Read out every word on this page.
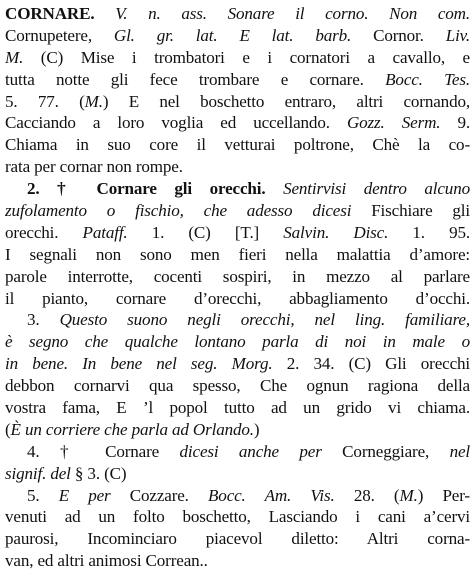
CORNARE. V. n. ass. Sonare il corno. Non com.
Cornupetere, Gl. gr. lat. E lat. barb. Cornor. Liv.
M. (C) Mise i trombatori e i cornatori a cavallo, e
tutta notte gli fece trombare e cornare. Bocc. Tes.
5. 77. (M.) E nel boschetto entraro, altri cornando,
Cacciando a loro voglia ed uccellando. Gozz. Serm. 9.
Chiama in suo core il vetturai poltrone, Chè la co-
rata per cornar non rompe.
2. † Cornare gli orecchi. Sentirvisi dentro alcuno
zufolamento o fischio, che adesso dicesi Fischiare gli
orecchi. Pataff. 1. (C) [T.] Salvin. Disc. 1. 95.
I segnali non sono men fieri nella malattia d’amore:
parole interrotte, cocenti sospiri, in mezzo al parlare
il pianto, cornare d’orecchi, abbagliamento d’occhi.
3. Questo suono negli orecchi, nel ling. familiare,
è segno che qualche lontano parla di noi in male o
in bene. In bene nel seg. Morg. 2. 34. (C) Gli orecchi
debbon cornarvi qua spesso, Che ognun ragiona della
vostra fama, E ’l popol tutto ad un grido vi chiama.
(È un corriere che parla ad Orlando.)
4. † Cornare dicesi anche per Corneggiare, nel
signif. del § 3. (C)
5. E per Cozzare. Bocc. Am. Vis. 28. (M.) Per-
venuti ad un folto boschetto, Lasciando i cani a’cervi
paurosi, Incominciaro piacevol diletto: Altri corna-
van, ed altri animosi Correan..
